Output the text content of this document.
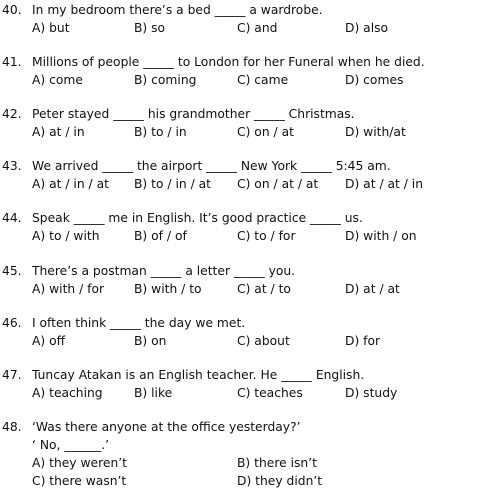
40. In my bedroom there’s a bed _____ a wardrobe.
A) but	B) so	C) and	D) also
41. Millions of people _____ to London for her Funeral when he died.
A) come	B) coming	C) came	D) comes
42. Peter stayed _____ his grandmother _____ Christmas.
A) at / in	B) to / in	C) on / at	D) with/at
43. We arrived _____ the airport _____ New York _____ 5:45 am.
A) at / in / at B) to / in / at C) on / at / at D) at / at / in
44. Speak _____ me in English. It’s good practice _____ us.
A) to / with	B) of / of	C) to / for	D) with / on
45. There’s a postman _____ a letter _____ you.
A) with / for B) with / to	C) at / to	D) at / at
46. I often think _____ the day we met.
A) off	B) on	C) about	D) for
47. Tuncay Atakan is an English teacher. He _____ English.
A) teaching	B) like	C) teaches	D) study
48. ‘Was there anyone at the office yesterday?’
‘ No, ______.’
A) they weren’t	B) there isn’t
C) there wasn’t	D) they didn’t
